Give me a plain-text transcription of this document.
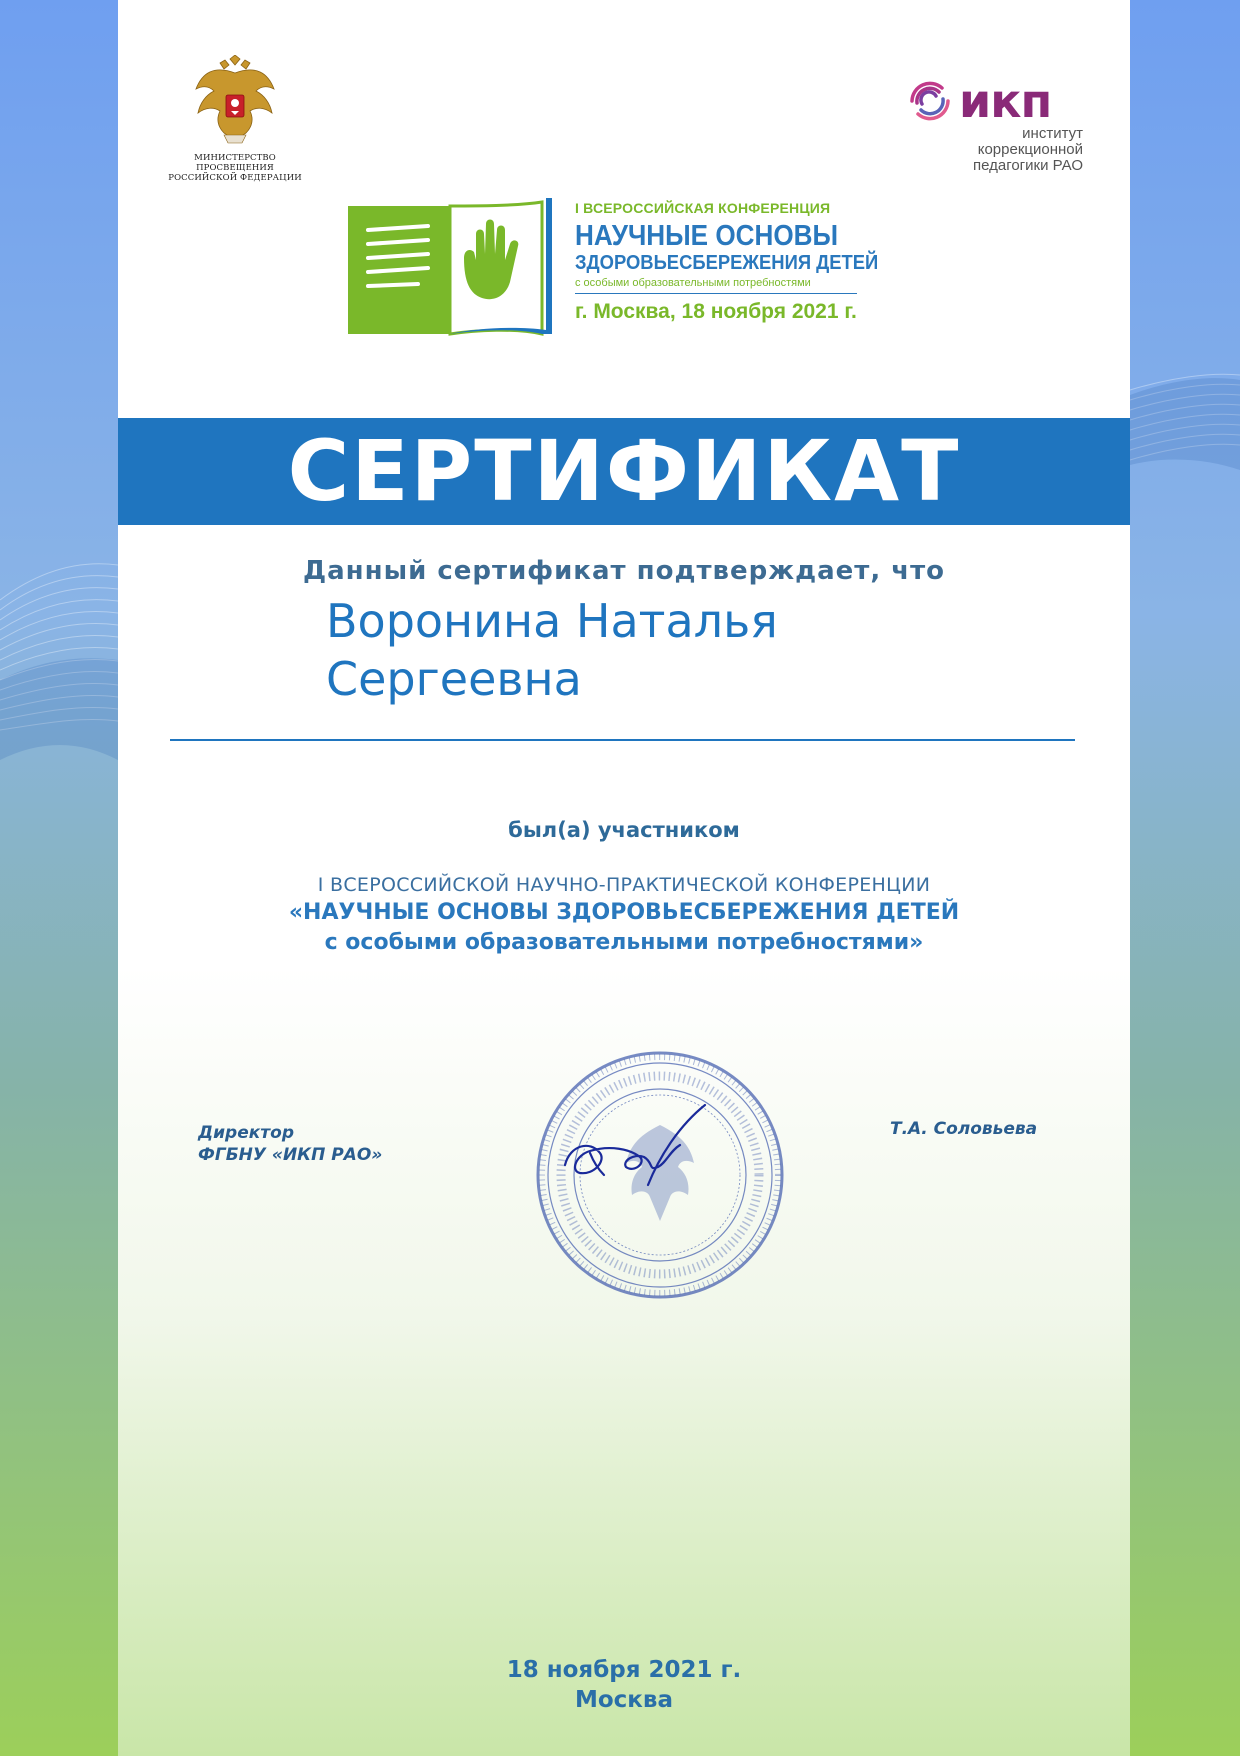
МИНИСТЕРСТВО ПРОСВЕЩЕНИЯ
РОССИЙСКОЙ ФЕДЕРАЦИИ
икп
институт
коррекционной
педагогики РАО
I ВСЕРОССИЙСКАЯ КОНФЕРЕНЦИЯ
НАУЧНЫЕ ОСНОВЫ
ЗДОРОВЬЕСБЕРЕЖЕНИЯ ДЕТЕЙ
с особыми образовательными потребностями
г. Москва, 18 ноября 2021 г.
СЕРТИФИКАТ
Данный сертификат подтверждает, что
Воронина Наталья
Сергеевна
был(а) участником
I ВСЕРОССИЙСКОЙ НАУЧНО-ПРАКТИЧЕСКОЙ КОНФЕРЕНЦИИ
«НАУЧНЫЕ ОСНОВЫ ЗДОРОВЬЕСБЕРЕЖЕНИЯ ДЕТЕЙ
с особыми образовательными потребностями»
Директор
ФГБНУ «ИКП РАО»
Т.А. Соловьева
18 ноября 2021 г.
Москва
